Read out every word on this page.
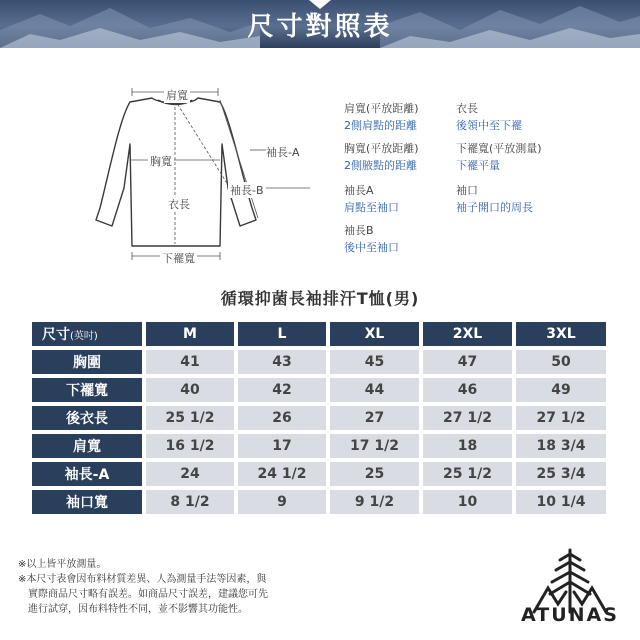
尺寸對照表
肩寬
胸寬
衣長
下襬寬
袖長-A
袖長-B
肩寬(平放距離)
2側肩點的距離
衣長
後領中至下襬
胸寬(平放距離)
2側腋點的距離
下襬寬(平放測量)
下襬平量
袖長A
肩點至袖口
袖口
袖子開口的周長
袖長B
後中至袖口
循環抑菌長袖排汗T恤(男)
尺寸(英吋)	M	L	XL	2XL	3XL
胸圍	41	43	45	47	50
下襬寬	40	42	44	46	49
後衣長	25 1/2	26	27	27 1/2	27 1/2
肩寬	16 1/2	17	17 1/2	18	18 3/4
袖長-A	24	24 1/2	25	25 1/2	25 3/4
袖口寬	8 1/2	9	9 1/2	10	10 1/4
※以上皆平放測量。
※本尺寸表會因布料材質差異、人為測量手法等因素，與
　實際商品尺寸略有誤差。如商品尺寸誤差，建議您可先
　進行試穿，因布料特性不同，並不影響其功能性。	ATUNAS
